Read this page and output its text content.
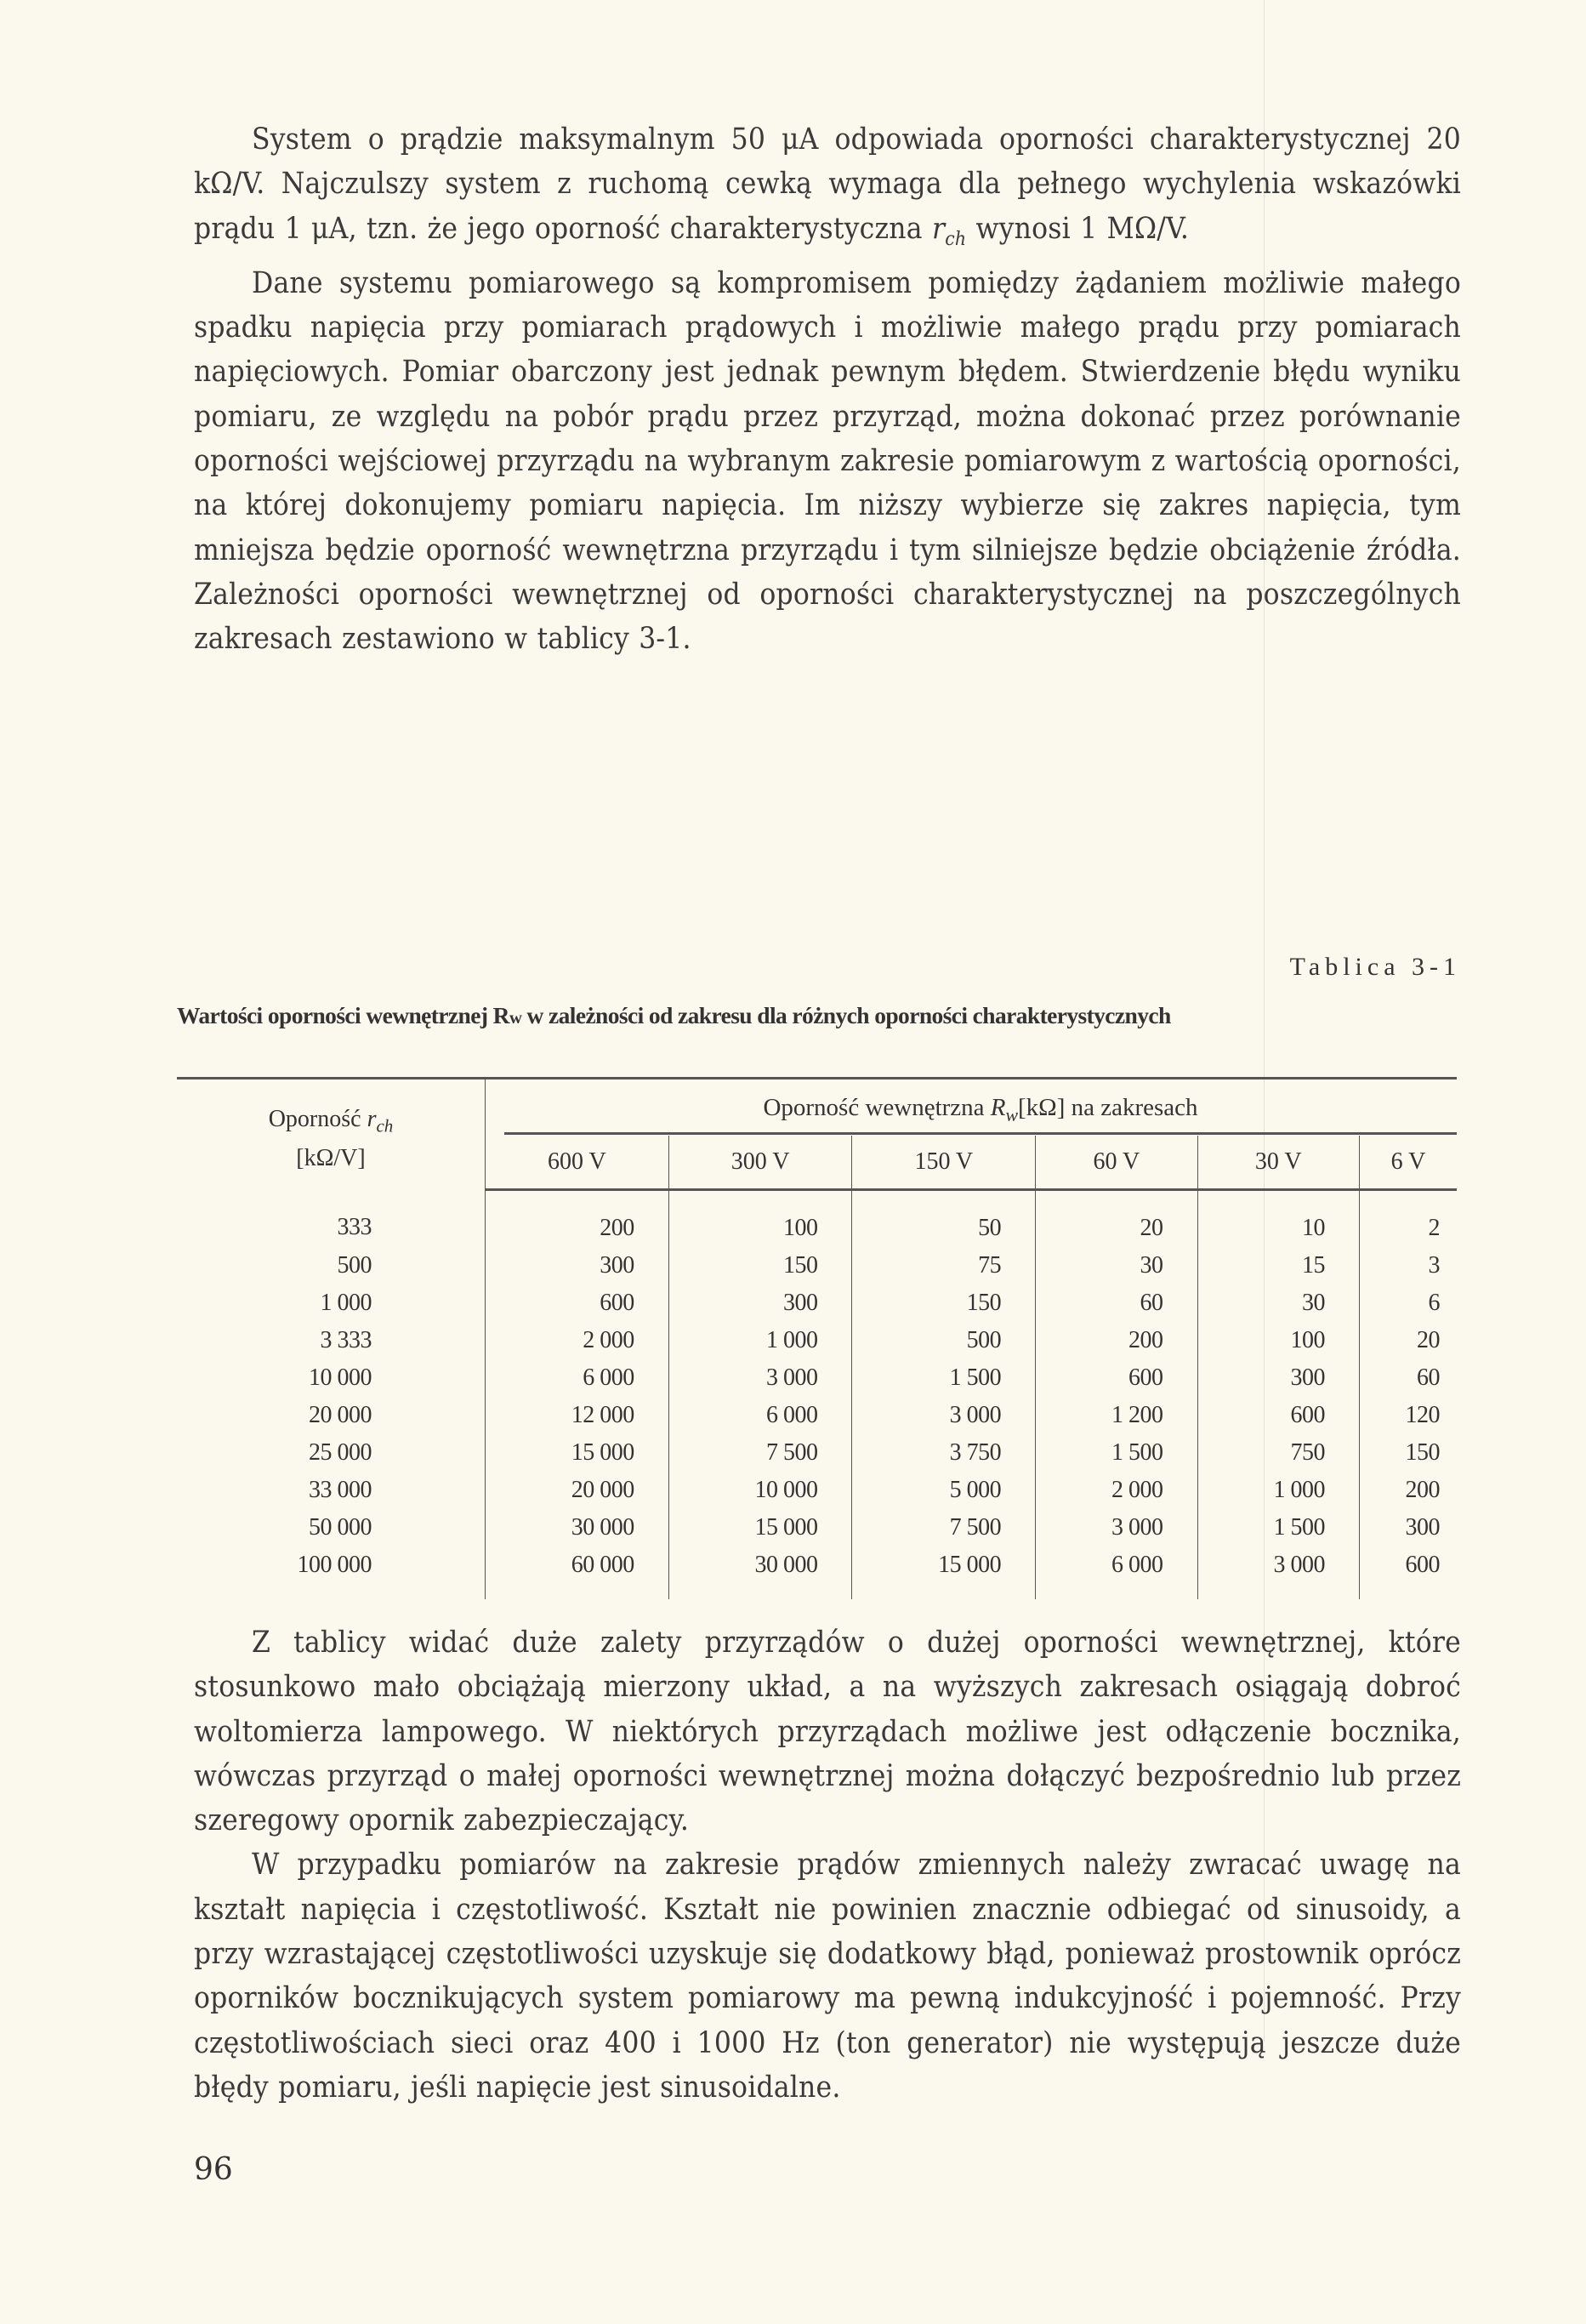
System o prądzie maksymalnym 50 μA odpowiada oporności charakterystycznej 20 kΩ/V. Najczulszy system z ruchomą cewką wymaga dla pełnego wychylenia wskazówki prądu 1 μA, tzn. że jego oporność charakterystyczna $r_{ch}$ wynosi 1 MΩ/V.

Dane systemu pomiarowego są kompromisem pomiędzy żądaniem możliwie małego spadku napięcia przy pomiarach prądowych i możliwie małego prądu przy pomiarach napięciowych. Pomiar obarczony jest jednak pewnym błędem. Stwierdzenie błędu wyniku pomiaru, ze względu na pobór prądu przez przyrząd, można dokonać przez porównanie oporności wejściowej przyrządu na wybranym zakresie pomiarowym z wartością oporności, na której dokonujemy pomiaru napięcia. Im niższy wybierze się zakres napięcia, tym mniejsza będzie oporność wewnętrzna przyrządu i tym silniejsze będzie obciążenie źródła. Zależności oporności wewnętrznej od oporności charakterystycznej na poszczególnych zakresach zestawiono w tablicy 3-1.

Tablica 3-1
Wartości oporności wewnętrznej Rw w zależności od zakresu dla różnych oporności charakterystycznych
Oporność $r_{ch}$
[kΩ/V]	Oporność wewnętrzna $R_w[k\Omega]$ na zakresach					

	600 V	300 V	150 V	60 V	30 V	6 V
333	200	100	50	20	10	2
500	300	150	75	30	15	3
1 000	600	300	150	60	30	6
3 333	2 000	1 000	500	200	100	20
10 000	6 000	3 000	1 500	600	300	60
20 000	12 000	6 000	3 000	1 200	600	120
25 000	15 000	7 500	3 750	1 500	750	150
33 000	20 000	10 000	5 000	2 000	1 000	200
50 000	30 000	15 000	7 500	3 000	1 500	300
100 000	60 000	30 000	15 000	6 000	3 000	600

Z tablicy widać duże zalety przyrządów o dużej oporności wewnętrznej, które stosunkowo mało obciążają mierzony układ, a na wyższych zakresach osiągają dobroć woltomierza lampowego. W niektórych przyrządach możliwe jest odłączenie bocznika, wówczas przyrząd o małej oporności wewnętrznej można dołączyć bezpośrednio lub przez szeregowy opornik zabezpieczający.

W przypadku pomiarów na zakresie prądów zmiennych należy zwracać uwagę na kształt napięcia i częstotliwość. Kształt nie powinien znacznie odbiegać od sinusoidy, a przy wzrastającej częstotliwości uzyskuje się dodatkowy błąd, ponieważ prostownik oprócz oporników bocznikujących system pomiarowy ma pewną indukcyjność i pojemność. Przy częstotliwościach sieci oraz 400 i 1000 Hz (ton generator) nie występują jeszcze duże błędy pomiaru, jeśli napięcie jest sinusoidalne.

96
